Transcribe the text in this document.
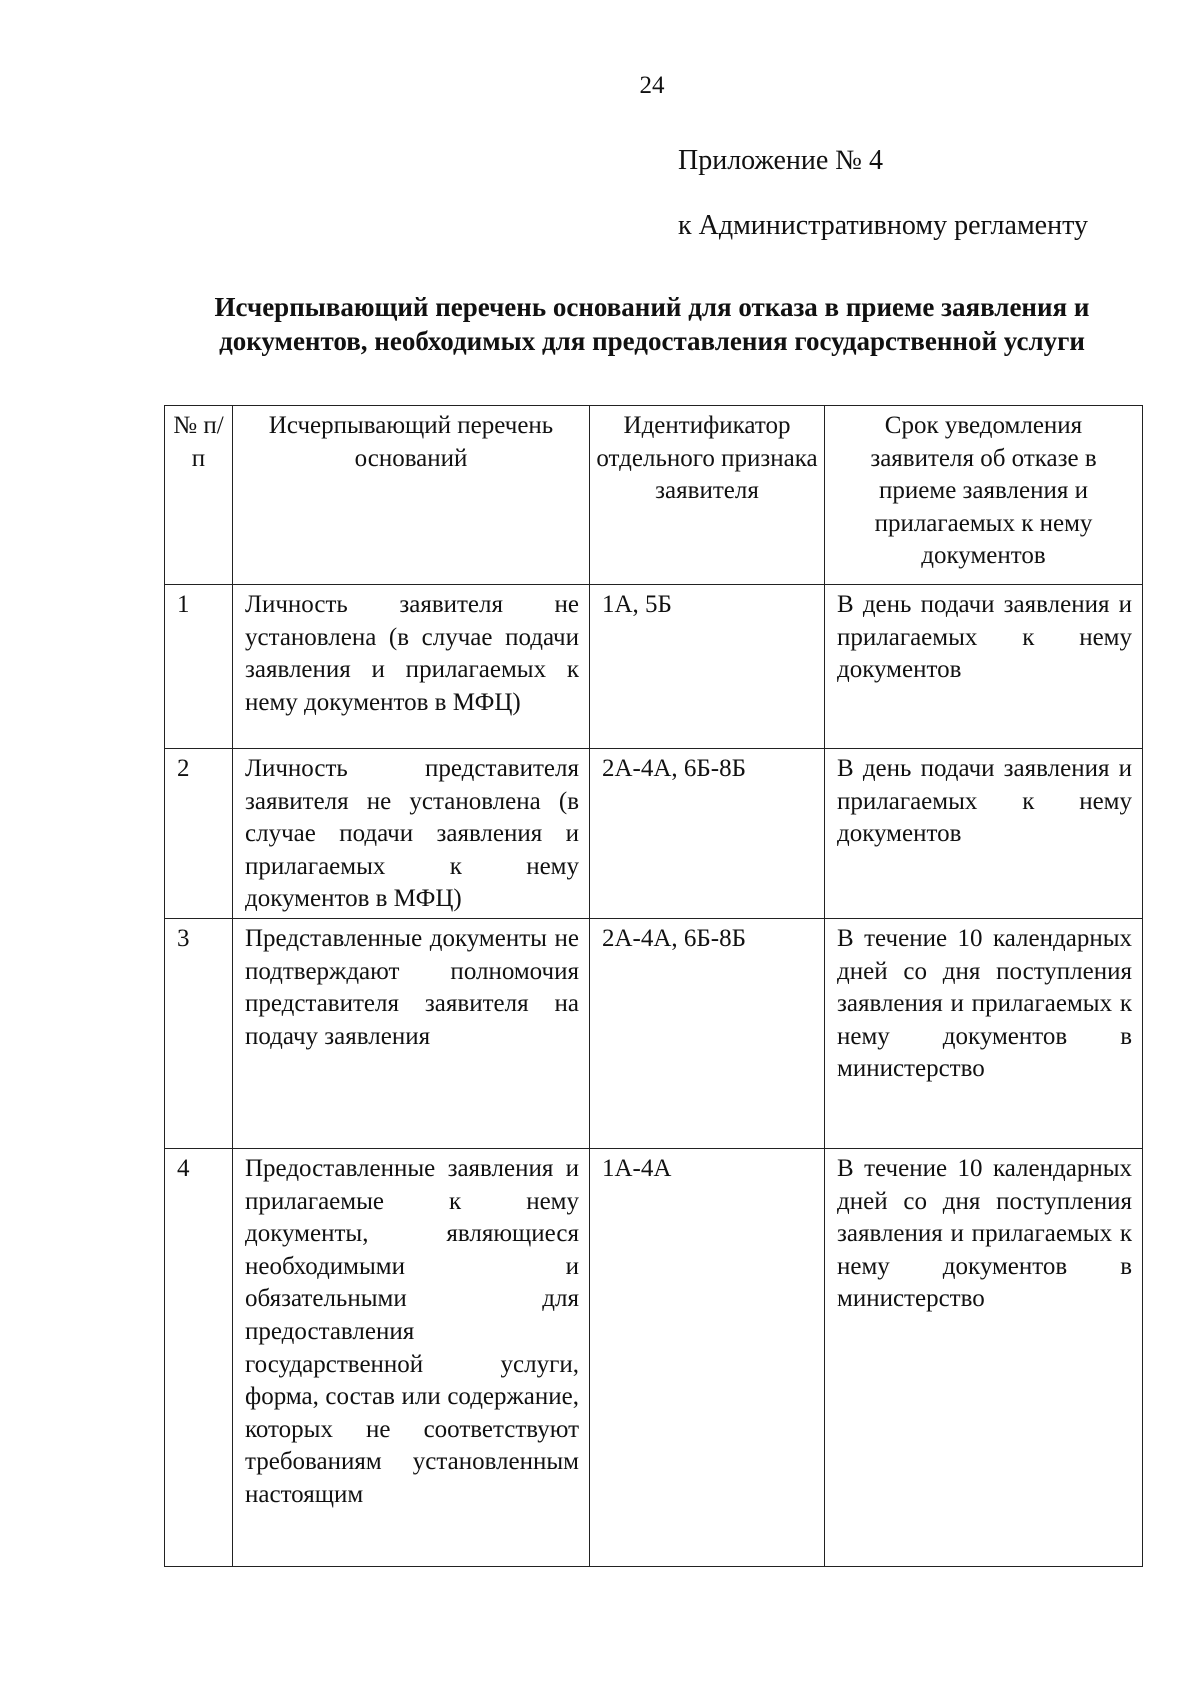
24
Приложение № 4
к Административному регламенту
Исчерпывающий перечень оснований для отказа в приеме заявления и
документов, необходимых для предоставления государственной услуги
№ п/п	Исчерпывающий перечень оснований	Идентификатор отдельного признака заявителя	Срок уведомления заявителя об отказе в приеме заявления и прилагаемых к нему документов
1	Личность заявителя не установлена (в случае подачи заявления и прилагаемых к нему документов в МФЦ)	1А, 5Б	В день подачи заявления и прилагаемых к нему документов
2	Личность представителя заявителя не установлена (в случае подачи заявления и прилагаемых к нему документов в МФЦ)	2А-4А, 6Б-8Б	В день подачи заявления и прилагаемых к нему документов
3	Представленные документы не подтверждают полномочия представителя заявителя на подачу заявления	2А-4А, 6Б-8Б	В течение 10 календарных дней со дня поступления заявления и прилагаемых к нему документов в министерство
4	Предоставленные заявления и прилагаемые к нему документы, являющиеся необходимыми и обязательными для предоставления государственной услуги, форма, состав или содержание, которых не соответствуют требованиям установленным настоящим	1А-4А	В течение 10 календарных дней со дня поступления заявления и прилагаемых к нему документов в министерство
